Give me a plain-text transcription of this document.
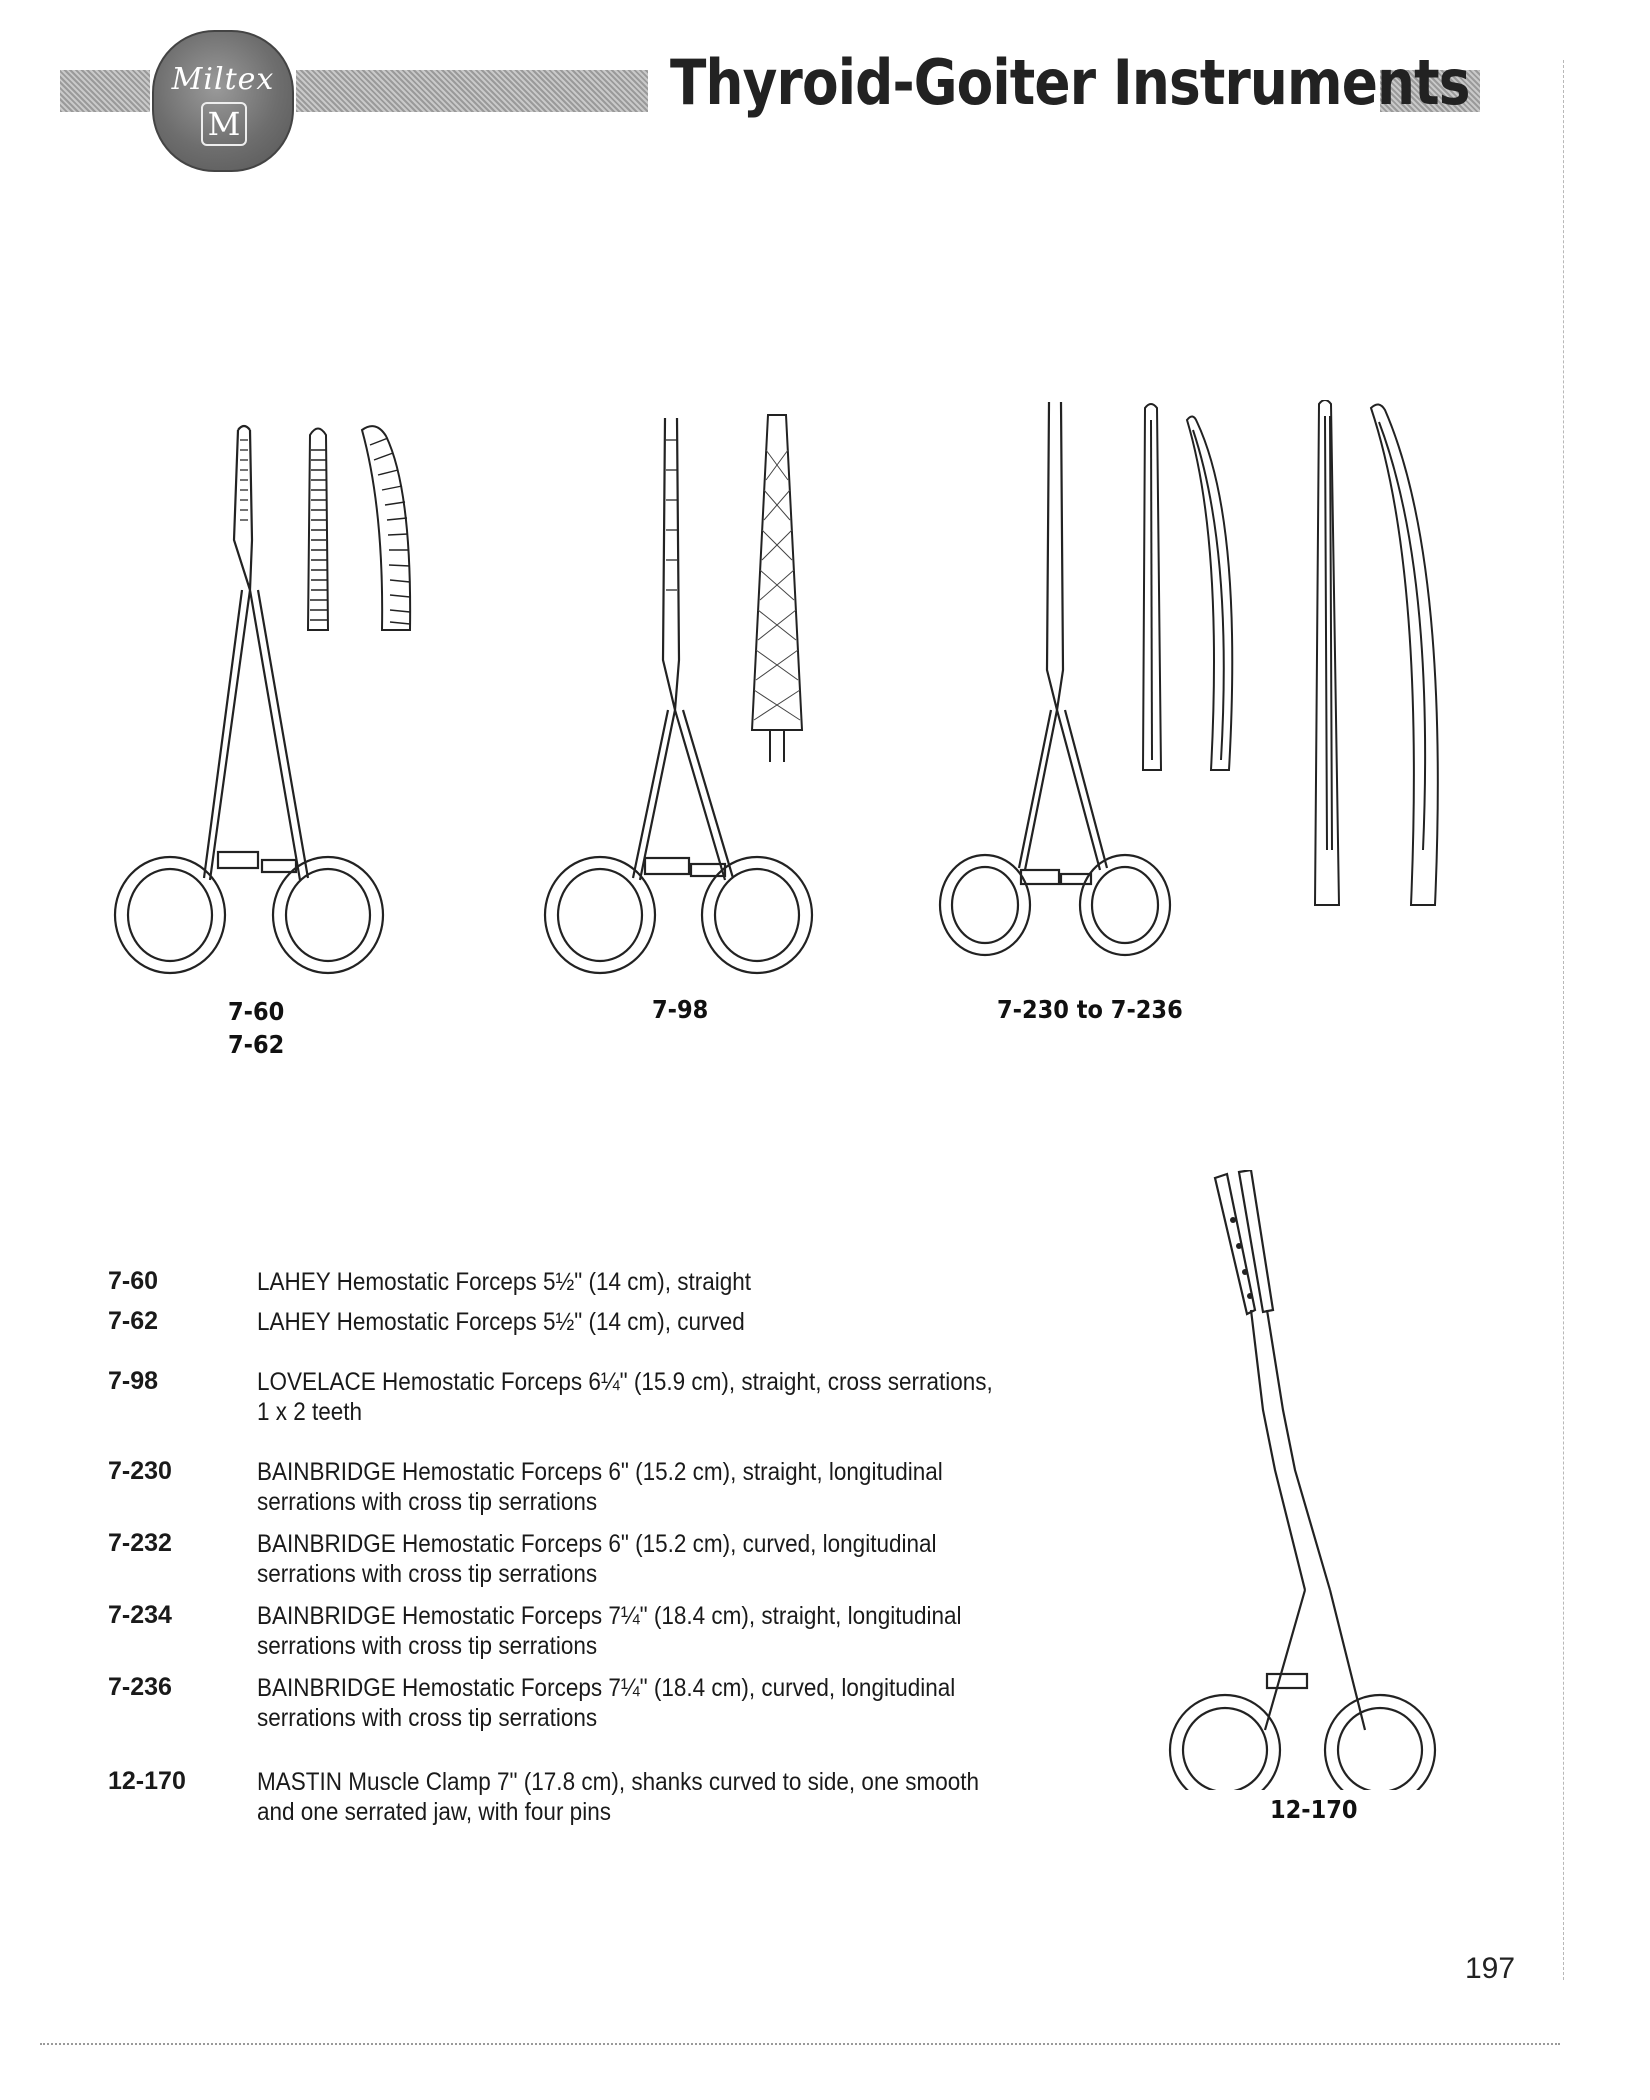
Miltex
M
Thyroid-Goiter Instruments
7-60
7-62
7-98	7-230 to 7-236
12-170
7-60	LAHEY Hemostatic Forceps 5½" (14 cm), straight
7-62	LAHEY Hemostatic Forceps 5½" (14 cm), curved
7-98	LOVELACE Hemostatic Forceps 6¼" (15.9 cm), straight, cross serrations,
1 x 2 teeth
7-230	BAINBRIDGE Hemostatic Forceps 6" (15.2 cm), straight, longitudinal
serrations with cross tip serrations
7-232	BAINBRIDGE Hemostatic Forceps 6" (15.2 cm), curved, longitudinal
serrations with cross tip serrations
7-234	BAINBRIDGE Hemostatic Forceps 7¼" (18.4 cm), straight, longitudinal
serrations with cross tip serrations
7-236	BAINBRIDGE Hemostatic Forceps 7¼" (18.4 cm), curved, longitudinal
serrations with cross tip serrations
12-170	MASTIN Muscle Clamp 7" (17.8 cm), shanks curved to side, one smooth
and one serrated jaw, with four pins
197
